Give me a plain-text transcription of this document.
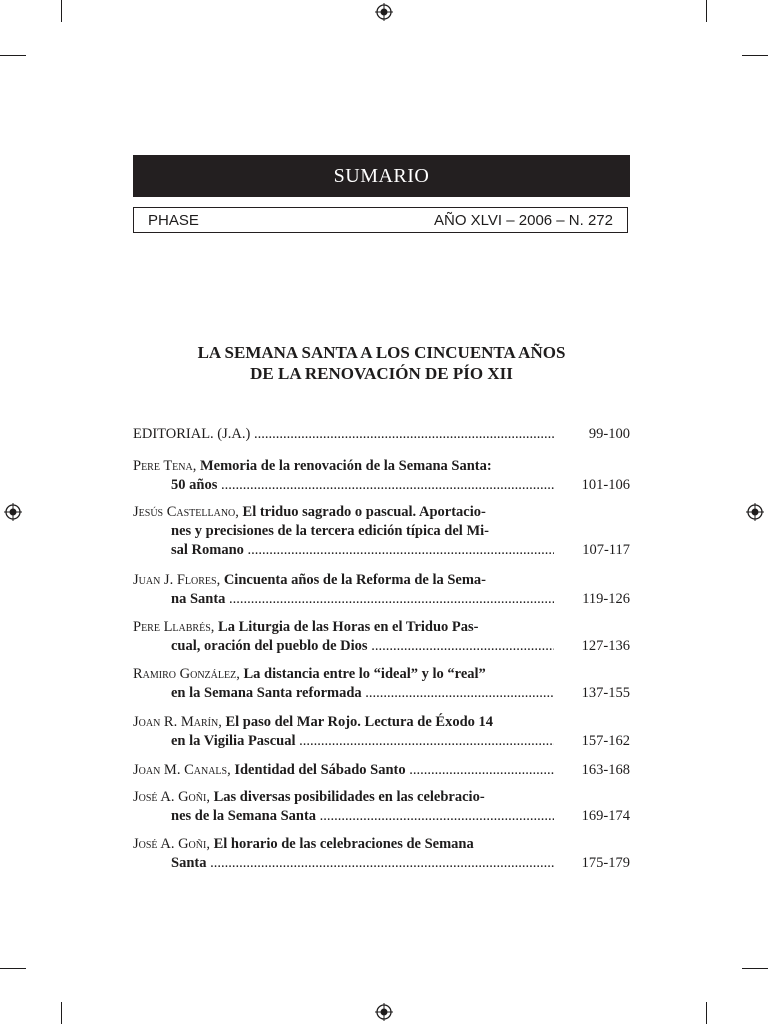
SUMARIO
PHASE	AÑO XLVI – 2006 – N. 272
LA SEMANA SANTA A LOS CINCUENTA AÑOS
DE LA RENOVACIÓN DE PÍO XII
EDITORIAL. (J.A.) .....	99-100
Pere Tena, Memoria de la renovación de la Semana Santa:
50 años .....	101-106
Jesús Castellano, El triduo sagrado o pascual. Aportacio-
nes y precisiones de la tercera edición típica del Mi-
sal Romano .....	107-117
Juan J. Flores, Cincuenta años de la Reforma de la Sema-
na Santa .....	119-126
Pere Llabrés, La Liturgia de las Horas en el Triduo Pas-
cual, oración del pueblo de Dios .....	127-136
Ramiro González, La distancia entre lo “ideal” y lo “real”
en la Semana Santa reformada .....	137-155
Joan R. Marín, El paso del Mar Rojo. Lectura de Éxodo 14
en la Vigilia Pascual .....	157-162
Joan M. Canals, Identidad del Sábado Santo .....	163-168
José A. Goñi, Las diversas posibilidades en las celebracio-
nes de la Semana Santa .....	169-174
José A. Goñi, El horario de las celebraciones de Semana
Santa .....	175-179
